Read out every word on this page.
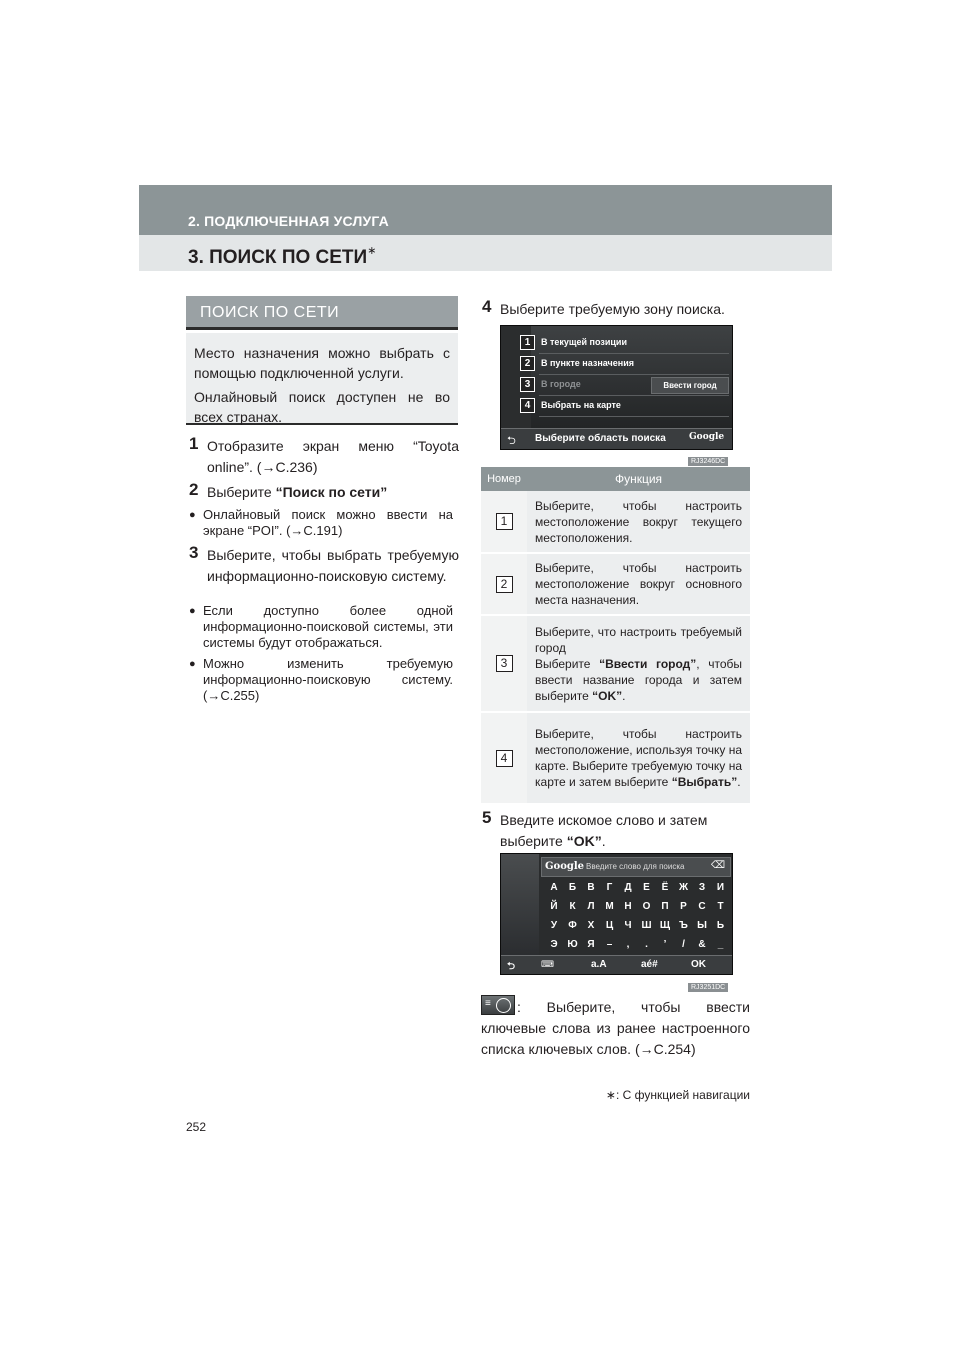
2. ПОДКЛЮЧЕННАЯ УСЛУГА
3. ПОИСК ПО СЕТИ∗
ПОИСК ПО СЕТИ

Место назначения можно выбрать с помощью подключенной услуги.

Онлайновый поиск доступен не во всех странах.

1 Отобразите экран меню “Toyota online”. (→C.236)
2 Выберите “Поиск по сети”
● Онлайновый поиск можно ввести на экране “POI”. (→C.191)
3 Выберите, чтобы выбрать требуемую информационно-поисковую систему.
● Если доступно более одной информационно-поисковой системы, эти системы будут отображаться.
● Можно изменить требуемую информационно-поисковую систему. (→C.255)
4 Выберите требуемую зону поиска.
1	В текущей позиции
2	В пункте назначения
3	В городе	Ввести город
4	Выбрать на карте
⮌ Выберите область поиска	Google
RJ3246DC
Номер	Функция
1	Выберите, чтобы настроить местоположение вокруг текущего местоположения.
2	Выберите, чтобы настроить местоположение вокруг основного места назначения.
3	Выберите, что настроить требуемый город
Выберите “Ввести город”, чтобы ввести название города и затем выберите “OK”.
4	Выберите, чтобы настроить местоположение, используя точку на карте. Выберите требуемую точку на карте и затем выберите “Выбрать”.
5 Введите искомое слово и затем выберите “OK”.
Google Введите слово для поиска	⌫
А	Б	В	Г	Д	Е	Ё	Ж	З	И
Й	К	Л	М	Н	О	П	Р	С	Т
У	Ф	Х	Ц	Ч Ш Щ Ъ Ы	Ь
Э Ю Я	–	,	.	’	/	&	_
⮌	⌨	a.A	aé#	OK
RJ3251DC
≡	: Выберите, чтобы ввести ключевые слова из ранее настроенного списка ключевых слов. (→C.254)
∗: С функцией навигации
252
